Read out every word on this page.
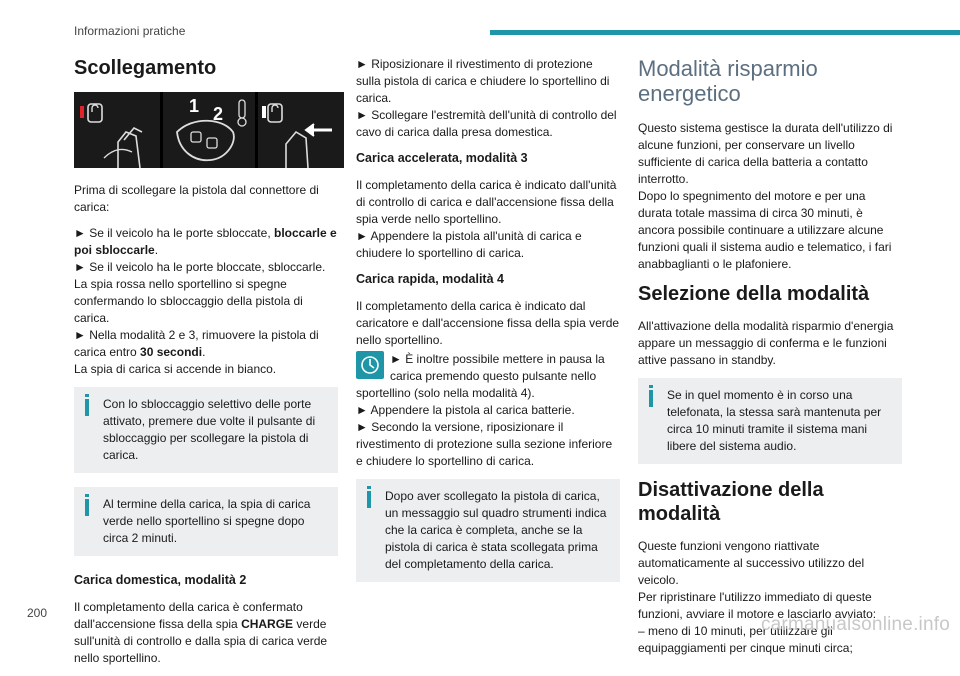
Informazioni pratiche
Scollegamento
1 2

Prima di scollegare la pistola dal connettore di carica:

► Se il veicolo ha le porte sbloccate, bloccarle e poi sbloccarle.

► Se il veicolo ha le porte bloccate, sbloccarle.

La spia rossa nello sportellino si spegne confermando lo sbloccaggio della pistola di carica.

► Nella modalità 2 e 3, rimuovere la pistola di carica entro 30 secondi.

La spia di carica si accende in bianco.

Con lo sbloccaggio selettivo delle porte attivato, premere due volte il pulsante di sbloccaggio per scollegare la pistola di carica.
Al termine della carica, la spia di carica verde nello sportellino si spegne dopo circa 2 minuti.
Carica domestica, modalità 2

Il completamento della carica è confermato dall'accensione fissa della spia CHARGE verde sull'unità di controllo e dalla spia di carica verde nello sportellino.

► Riposizionare il rivestimento di protezione sulla pistola di carica e chiudere lo sportellino di carica.

► Scollegare l'estremità dell'unità di controllo del cavo di carica dalla presa domestica.

Carica accelerata, modalità 3

Il completamento della carica è indicato dall'unità di controllo di carica e dall'accensione fissa della spia verde nello sportellino.

► Appendere la pistola all'unità di carica e chiudere lo sportellino di carica.

Carica rapida, modalità 4

Il completamento della carica è indicato dal caricatore e dall'accensione fissa della spia verde nello sportellino.

► È inoltre possibile mettere in pausa la carica premendo questo pulsante nello sportellino (solo nella modalità 4).

► Appendere la pistola al carica batterie.

► Secondo la versione, riposizionare il rivestimento di protezione sulla sezione inferiore e chiudere lo sportellino di carica.

Dopo aver scollegato la pistola di carica, un messaggio sul quadro strumenti indica che la carica è completa, anche se la pistola di carica è stata scollegata prima del completamento della carica.
Modalità risparmio energetico

Questo sistema gestisce la durata dell'utilizzo di alcune funzioni, per conservare un livello sufficiente di carica della batteria a contatto interrotto.

Dopo lo spegnimento del motore e per una durata totale massima di circa 30 minuti, è ancora possibile continuare a utilizzare alcune funzioni quali il sistema audio e telematico, i fari anabbaglianti o le plafoniere.

Selezione della modalità

All'attivazione della modalità risparmio d'energia appare un messaggio di conferma e le funzioni attive passano in standby.

Se in quel momento è in corso una telefonata, la stessa sarà mantenuta per circa 10 minuti tramite il sistema mani libere del sistema audio.
Disattivazione della modalità

Queste funzioni vengono riattivate automaticamente al successivo utilizzo del veicolo.

Per ripristinare l'utilizzo immediato di queste funzioni, avviare il motore e lasciarlo avviato:

– meno di 10 minuti, per utilizzare gli equipaggiamenti per cinque minuti circa;

200
carmanualsonline.info
